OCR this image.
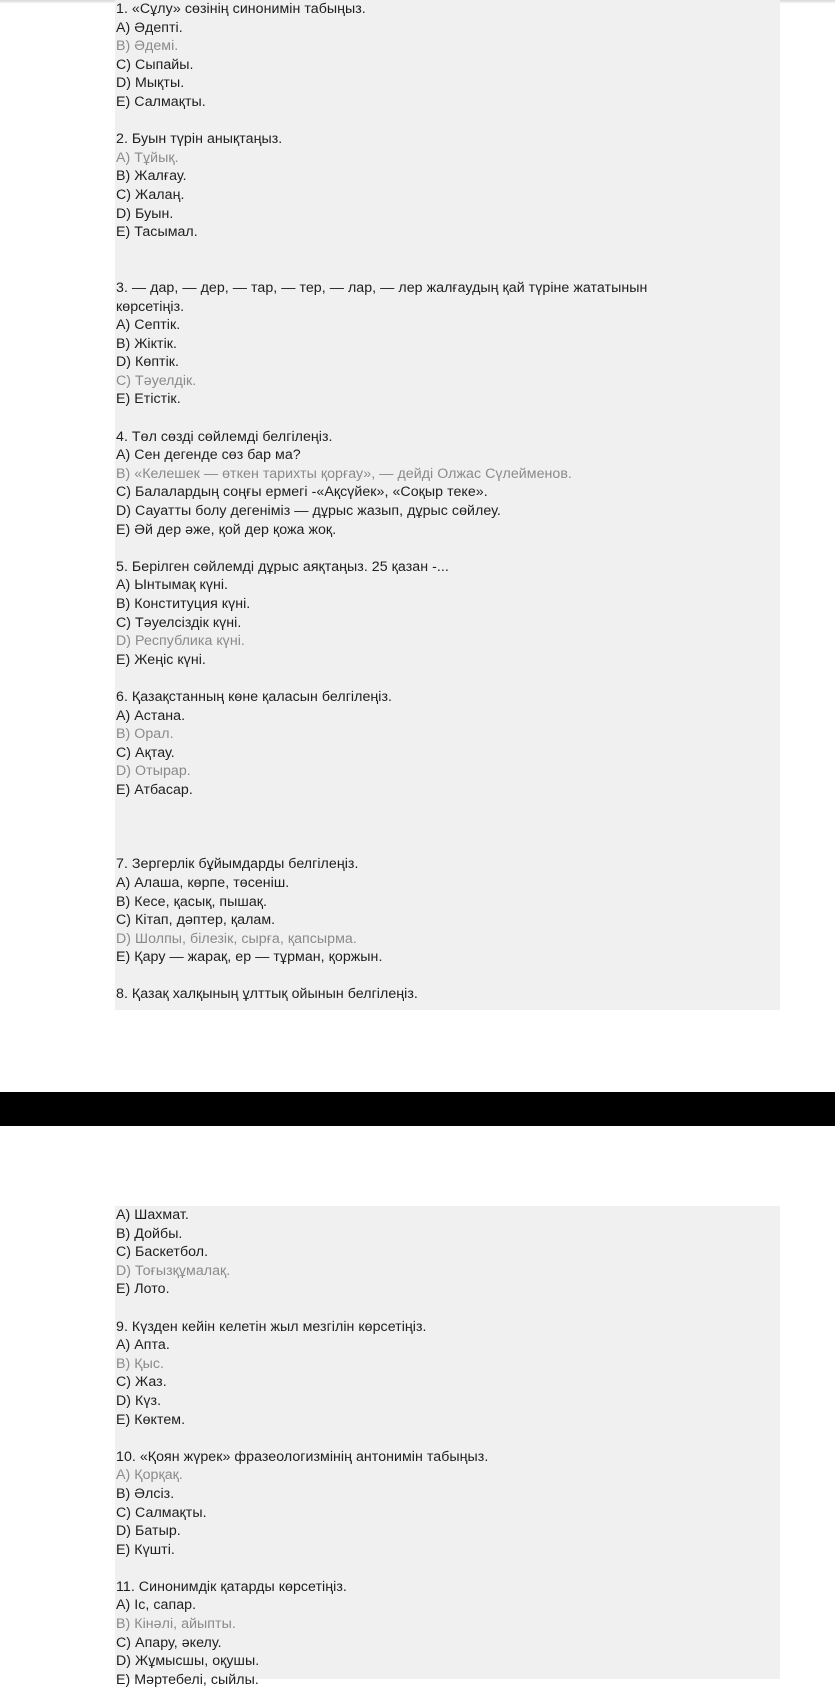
1. «Сұлу» сөзінің синонимін табыңыз.
A) Әдепті.
B) Әдемі.
C) Сыпайы.
D) Мықты.
E) Салмақты.

2. Буын түрін анықтаңыз.
A) Тұйық.
B) Жалғау.
C) Жалаң.
D) Буын.
E) Тасымал.

3. — дар, — дер, — тар, — тер, — лар, — лер жалғаудың қай түріне жататынын
көрсетіңіз.
A) Септік.
B) Жіктік.
D) Көптік.
C) Тәуелдік.
E) Етістік.

4. Төл сөзді сөйлемді белгілеңіз.
A) Сен дегенде сөз бар ма?
B) «Келешек — өткен тарихты қорғау», — дейді Олжас Сүлейменов.
C) Балалардың соңғы ермегі -«Ақсүйек», «Соқыр теке».
D) Сауатты болу дегеніміз — дұрыс жазып, дұрыс сөйлеу.
E) Әй дер әже, қой дер қожа жоқ.

5. Берілген сөйлемді дұрыс аяқтаңыз. 25 қазан -...
A) Ынтымақ күні.
B) Конституция күні.
C) Тәуелсіздік күні.
D) Республика күні.
E) Жеңіс күні.

6. Қазақстанның көне қаласын белгілеңіз.
A) Астана.
B) Орал.
C) Ақтау.
D) Отырар.
E) Атбасар.

7. Зергерлік бұйымдарды белгілеңіз.
A) Алаша, көрпе, төсеніш.
B) Кесе, қасық, пышақ.
C) Кітап, дәптер, қалам.
D) Шолпы, білезік, сырға, қапсырма.
E) Қару — жарақ, ер — тұрман, қоржын.

8. Қазақ халқының ұлттық ойынын белгілеңіз.
A) Шахмат.
B) Дойбы.
C) Баскетбол.
D) Тоғызқұмалақ.
E) Лото.

9. Күзден кейін келетін жыл мезгілін көрсетіңіз.
A) Апта.
B) Қыс.
C) Жаз.
D) Күз.
E) Көктем.

10. «Қоян жүрек» фразеологизмінің антонимін табыңыз.
A) Қорқақ.
B) Әлсіз.
C) Салмақты.
D) Батыр.
E) Күшті.

11. Синонимдік қатарды көрсетіңіз.
A) Іс, сапар.
B) Кінәлі, айыпты.
C) Апару, әкелу.
D) Жұмысшы, оқушы.
E) Мәртебелі, сыйлы.
